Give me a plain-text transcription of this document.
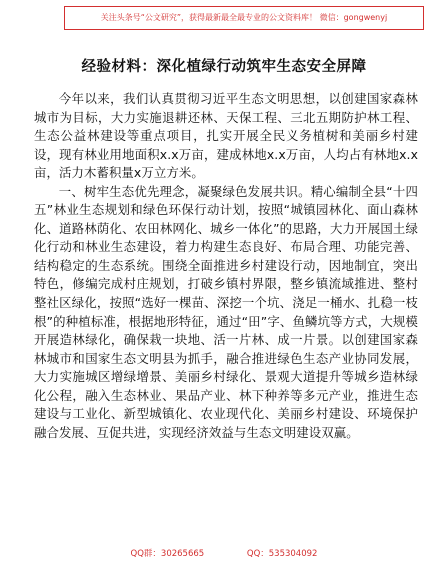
关注头条号“公文研究”，获得最新最全最专业的公文资料库！ 微信：gongwenyj
经验材料：深化植绿行动筑牢生态安全屏障

今年以来，我们认真贯彻习近平生态文明思想，以创建国家森林城市为目标，大力实施退耕还林、天保工程、三北五期防护林工程、生态公益林建设等重点项目，扎实开展全民义务植树和美丽乡村建设，现有林业用地面积x.x万亩，建成林地x.x万亩，人均占有林地x.x亩，活力木蓄积量x万立方米。

一、树牢生态优先理念，凝聚绿色发展共识。精心编制全县“十四五”林业生态规划和绿色环保行动计划，按照“城镇园林化、面山森林化、道路林荫化、农田林网化、城乡一体化”的思路，大力开展国土绿化行动和林业生态建设，着力构建生态良好、布局合理、功能完善、结构稳定的生态系统。围绕全面推进乡村建设行动，因地制宜，突出特色，修编完成村庄规划，打破乡镇村界限，整乡镇流域推进、整村整社区绿化，按照“选好一棵苗、深挖一个坑、浇足一桶水、扎稳一枝根”的种植标准，根据地形特征，通过“田”字、鱼鳞坑等方式，大规模开展造林绿化，确保栽一块地、活一片林、成一片景。以创建国家森林城市和国家生态文明县为抓手，融合推进绿色生态产业协同发展，大力实施城区增绿增景、美丽乡村绿化、景观大道提升等城乡造林绿化公程，融入生态林业、果品产业、林下种养等多元产业，推进生态建设与工业化、新型城镇化、农业现代化、美丽乡村建设、环境保护融合发展、互促共进，实现经济效益与生态文明建设双赢。

QQ群：30265665	QQ：535304092
